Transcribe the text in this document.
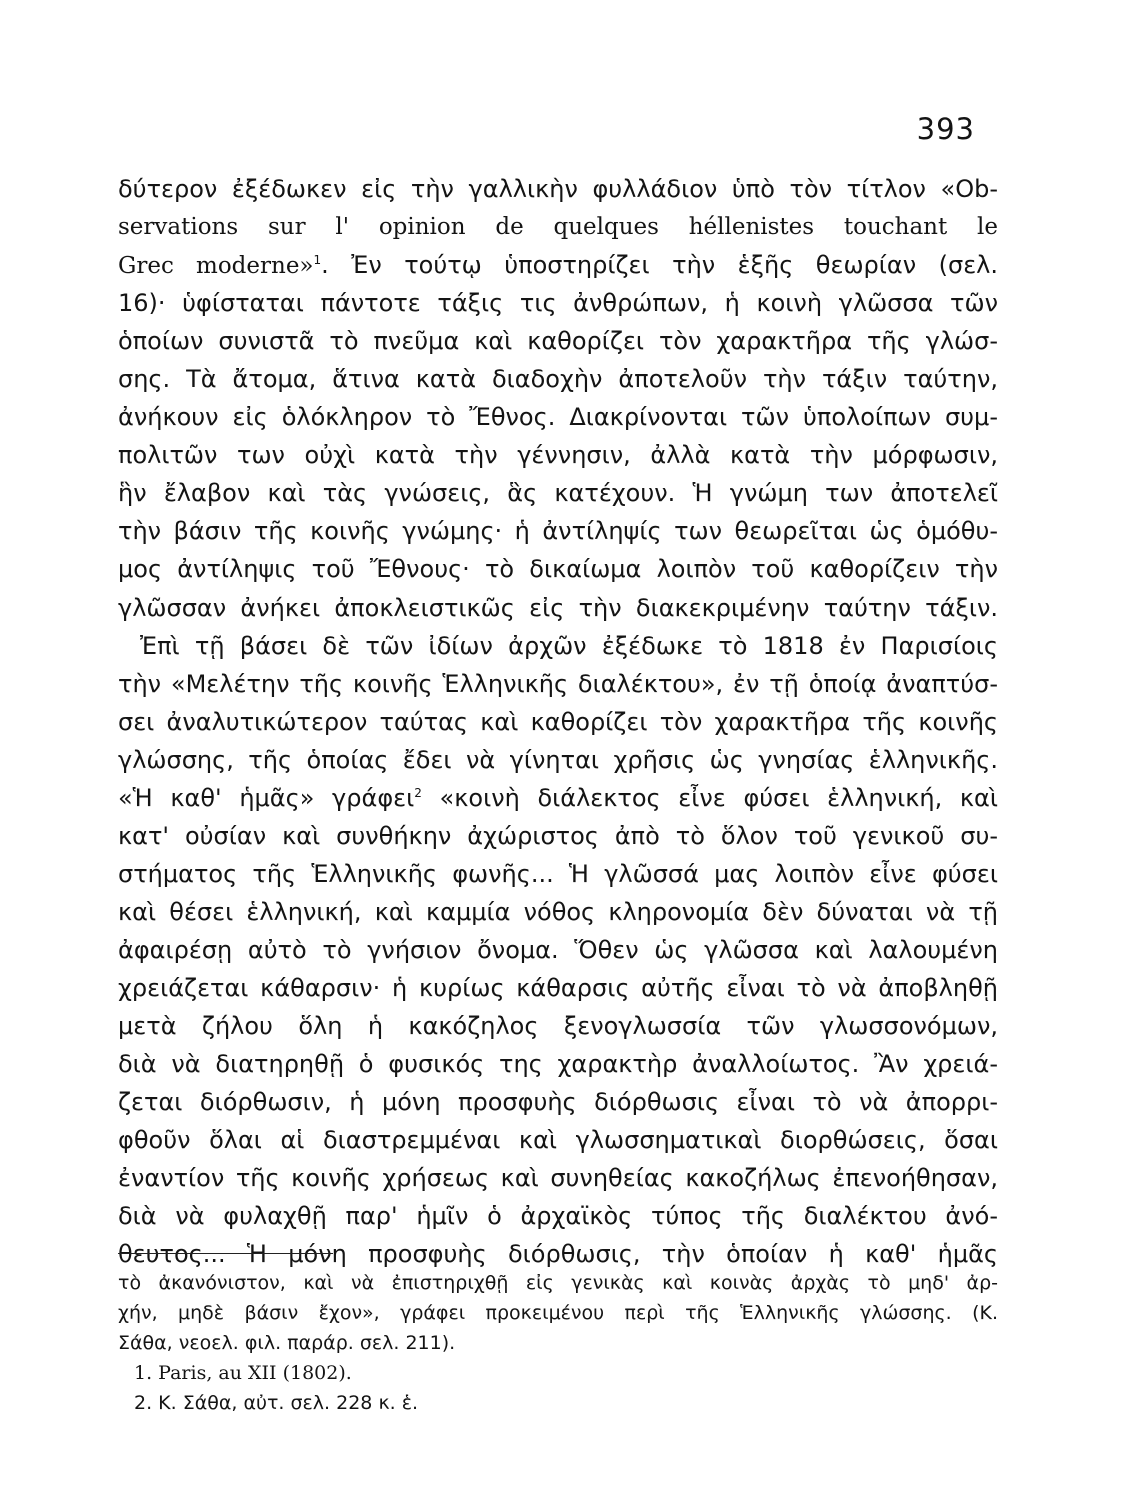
393
δύτερον ἐξέδωκεν εἰς τὴν γαλλικὴν φυλλάδιον ὑπὸ τὸν τίτλον «Ob-
servations sur l' opinion de quelques héllenistes touchant le
Grec moderne»$^1$. Ἐν τούτῳ ὑποστηρίζει τὴν ἑξῆς θεωρίαν (σελ.
16)· ὑφίσταται πάντοτε τάξις τις ἀνθρώπων, ἡ κοινὴ γλῶσσα τῶν
ὁποίων συνιστᾶ τὸ πνεῦμα καὶ καθορίζει τὸν χαρακτῆρα τῆς γλώσ-
σης. Τὰ ἄτομα, ἅτινα κατὰ διαδοχὴν ἀποτελοῦν τὴν τάξιν ταύτην,
ἀνήκουν εἰς ὁλόκληρον τὸ Ἔθνος. Διακρίνονται τῶν ὑπολοίπων συμ-
πολιτῶν των οὐχὶ κατὰ τὴν γέννησιν, ἀλλὰ κατὰ τὴν μόρφωσιν,
ἣν ἔλαβον καὶ τὰς γνώσεις, ἃς κατέχουν. Ἡ γνώμη των ἀποτελεῖ
τὴν βάσιν τῆς κοινῆς γνώμης· ἡ ἀντίληψίς των θεωρεῖται ὡς ὁμόθυ-
μος ἀντίληψις τοῦ Ἔθνους· τὸ δικαίωμα λοιπὸν τοῦ καθορίζειν τὴν
γλῶσσαν ἀνήκει ἀποκλειστικῶς εἰς τὴν διακεκριμένην ταύτην τάξιν.
Ἐπὶ τῇ βάσει δὲ τῶν ἰδίων ἀρχῶν ἐξέδωκε τὸ 1818 ἐν Παρισίοις
τὴν «Μελέτην τῆς κοινῆς Ἑλληνικῆς διαλέκτου», ἐν τῇ ὁποίᾳ ἀναπτύσ-
σει ἀναλυτικώτερον ταύτας καὶ καθορίζει τὸν χαρακτῆρα τῆς κοινῆς
γλώσσης, τῆς ὁποίας ἔδει νὰ γίνηται χρῆσις ὡς γνησίας ἑλληνικῆς.
«Ἡ καθ' ἡμᾶς» γράφει$^2$ «κοινὴ διάλεκτος εἶνε φύσει ἑλληνική, καὶ
κατ' οὐσίαν καὶ συνθήκην ἀχώριστος ἀπὸ τὸ ὅλον τοῦ γενικοῦ συ-
στήματος τῆς Ἑλληνικῆς φωνῆς... Ἡ γλῶσσά μας λοιπὸν εἶνε φύσει
καὶ θέσει ἑλληνική, καὶ καμμία νόθος κληρονομία δὲν δύναται νὰ τῇ
ἀφαιρέσῃ αὐτὸ τὸ γνήσιον ὄνομα. Ὅθεν ὡς γλῶσσα καὶ λαλουμένη
χρειάζεται κάθαρσιν· ἡ κυρίως κάθαρσις αὐτῆς εἶναι τὸ νὰ ἀποβληθῇ
μετὰ ζήλου ὅλη ἡ κακόζηλος ξενογλωσσία τῶν γλωσσονόμων,
διὰ νὰ διατηρηθῇ ὁ φυσικός της χαρακτὴρ ἀναλλοίωτος. Ἂν χρειά-
ζεται διόρθωσιν, ἡ μόνη προσφυὴς διόρθωσις εἶναι τὸ νὰ ἀπορρι-
φθοῦν ὅλαι αἱ διαστρεμμέναι καὶ γλωσσηματικαὶ διορθώσεις, ὅσαι
ἐναντίον τῆς κοινῆς χρήσεως καὶ συνηθείας κακοζήλως ἐπενοήθησαν,
διὰ νὰ φυλαχθῇ παρ' ἡμῖν ὁ ἀρχαϊκὸς τύπος τῆς διαλέκτου ἀνό-
θευτος... Ἡ μόνη προσφυὴς διόρθωσις, τὴν ὁποίαν ἡ καθ' ἡμᾶς
τὸ ἀκανόνιστον, καὶ νὰ ἐπιστηριχθῇ εἰς γενικὰς καὶ κοινὰς ἀρχὰς τὸ μηδ' ἀρ-
χήν, μηδὲ βάσιν ἔχον», γράφει προκειμένου περὶ τῆς Ἑλληνικῆς γλώσσης. (Κ.
Σάθα, νεοελ. φιλ. παράρ. σελ. 211).
1. Paris, au XII (1802).
2. Κ. Σάθα, αὐτ. σελ. 228 κ. ἑ.
